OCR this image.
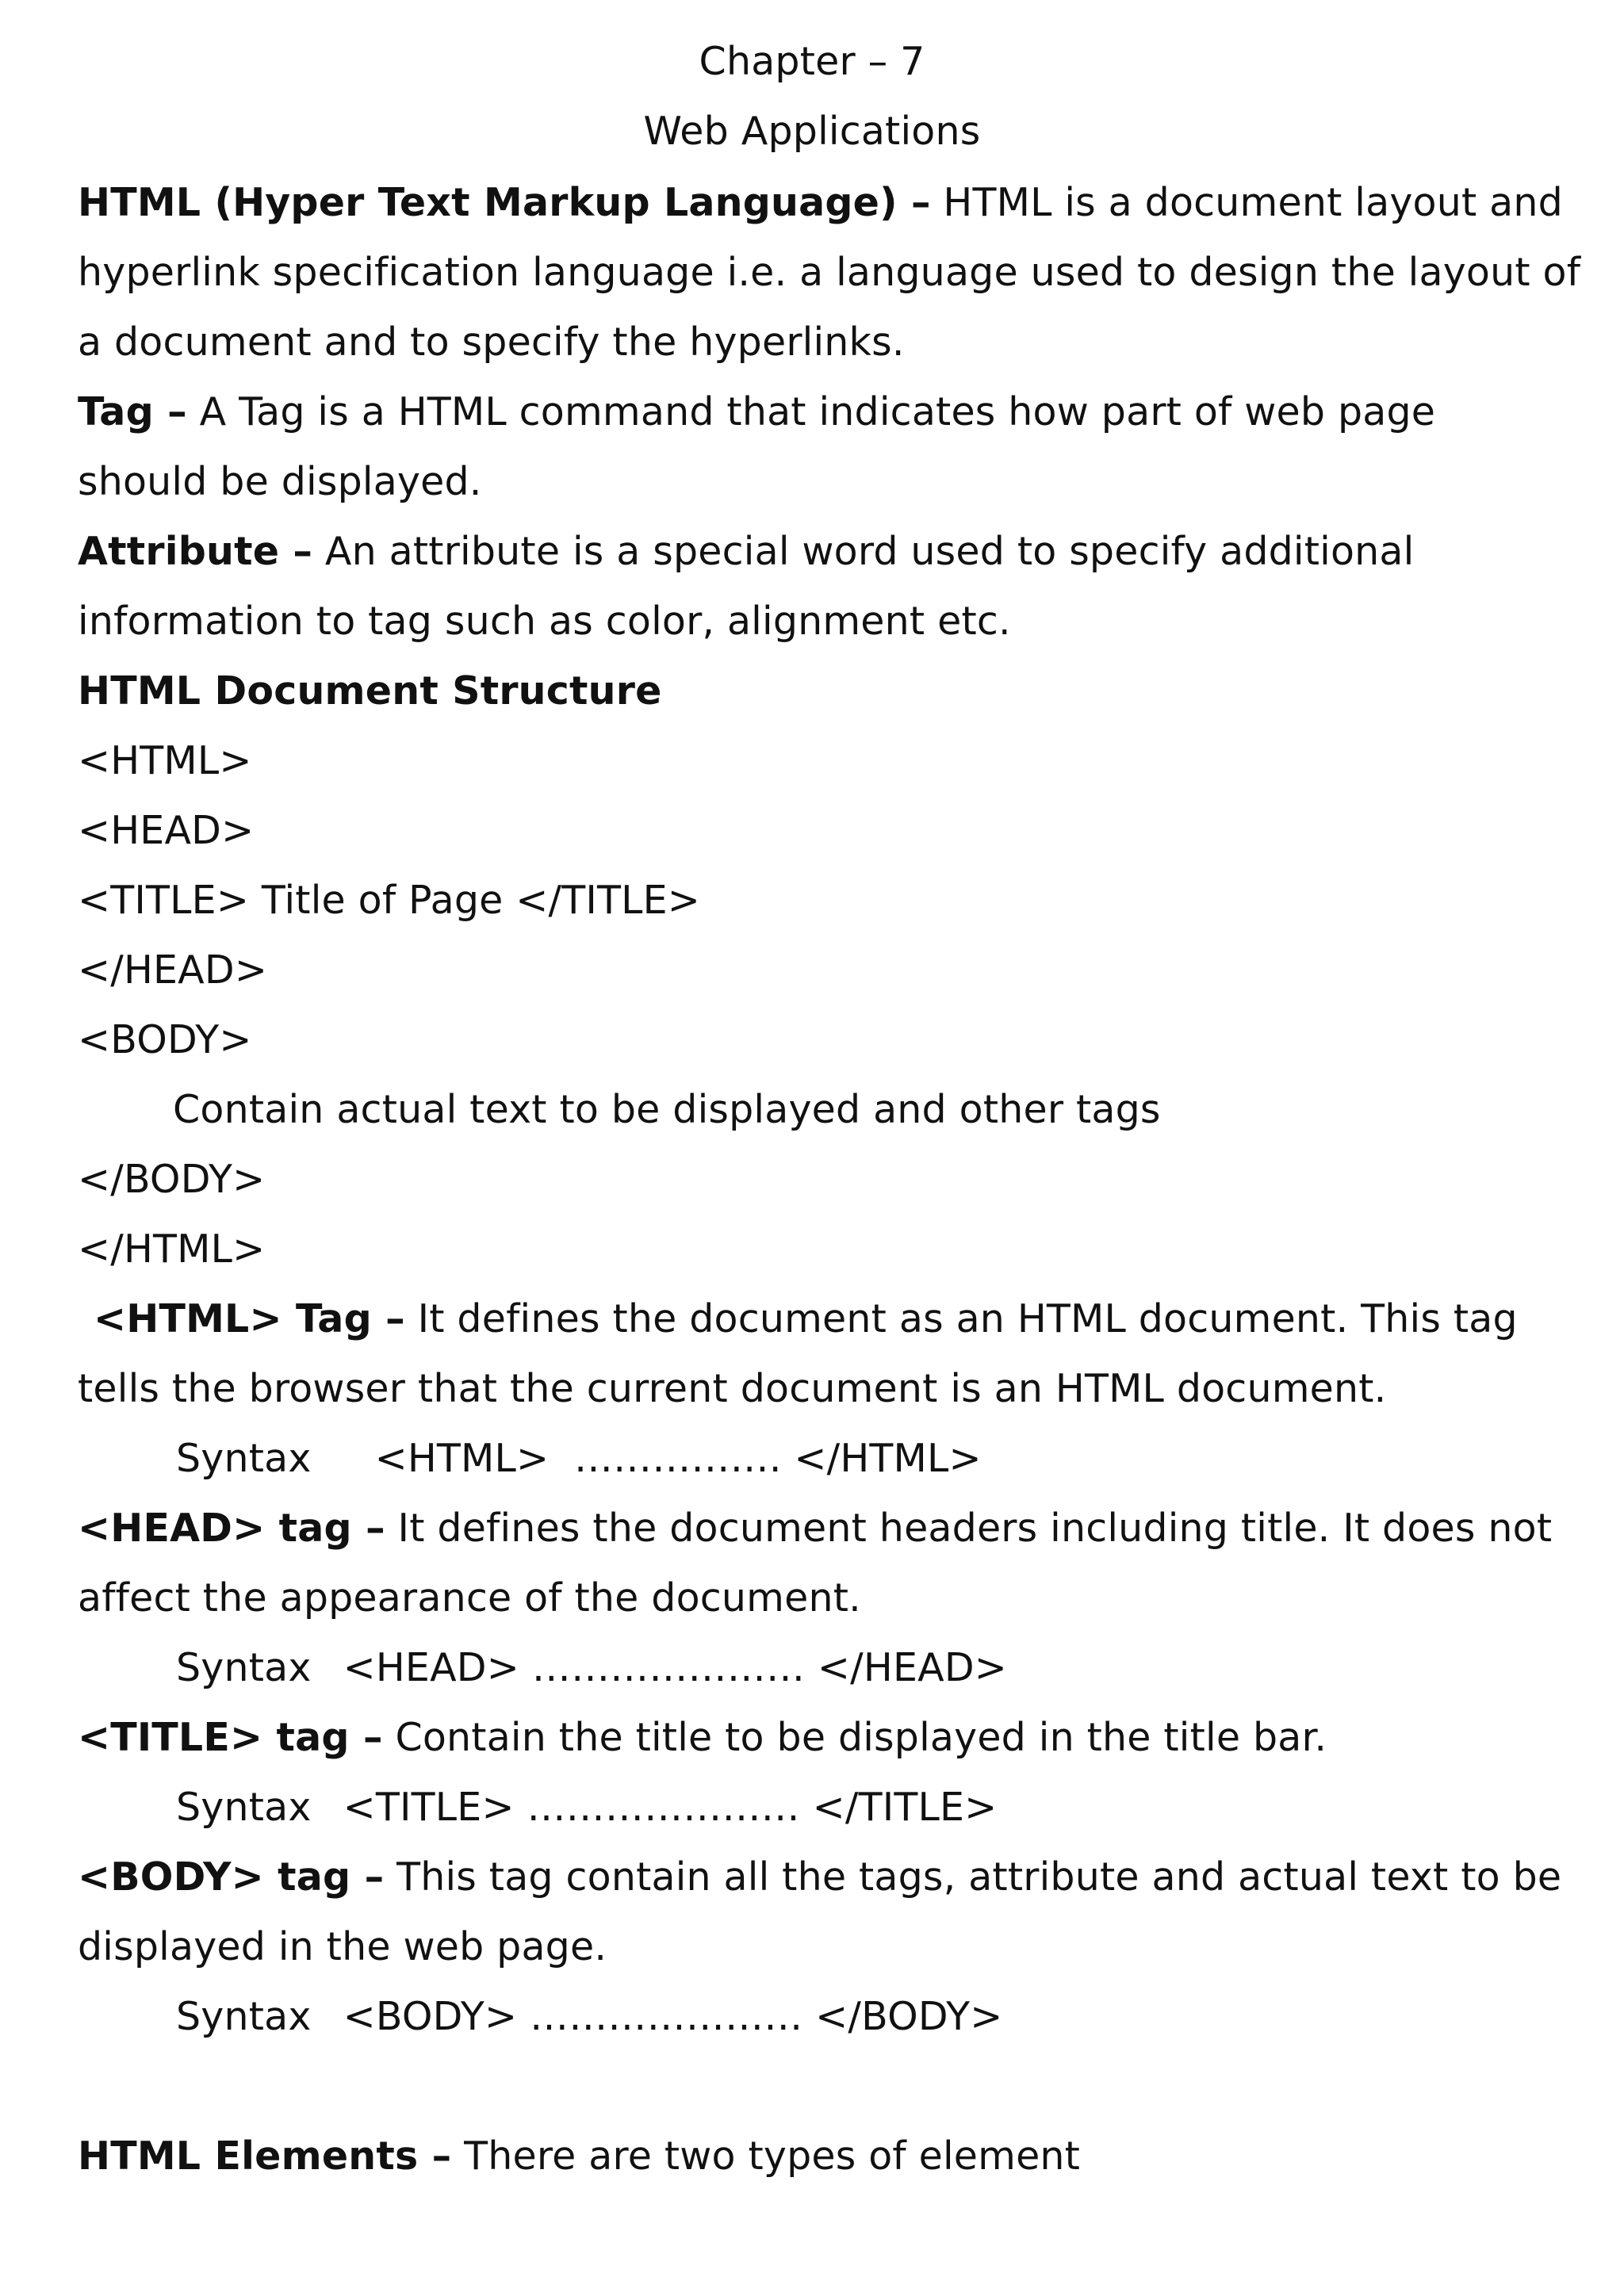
Chapter – 7
Web Applications
HTML (Hyper Text Markup Language) – HTML is a document layout and
hyperlink specification language i.e. a language used to design the layout of
a document and to specify the hyperlinks.
Tag – A Tag is a HTML command that indicates how part of web page
should be displayed.
Attribute – An attribute is a special word used to specify additional
information to tag such as color, alignment etc.
HTML Document Structure
<HTML>
<HEAD>
<TITLE> Title of Page </TITLE>
</HEAD>
<BODY>
Contain actual text to be displayed and other tags
</BODY>
</HTML>
<HTML> Tag – It defines the document as an HTML document. This tag
tells the browser that the current document is an HTML document.
Syntax <HTML>  ……………. </HTML>
<HEAD> tag – It defines the document headers including title. It does not
affect the appearance of the document.
Syntax <HEAD> ………………… </HEAD>
<TITLE> tag – Contain the title to be displayed in the title bar.
Syntax <TITLE> ………………… </TITLE>
<BODY> tag – This tag contain all the tags, attribute and actual text to be
displayed in the web page.
Syntax <BODY> ………………… </BODY>
HTML Elements – There are two types of element
